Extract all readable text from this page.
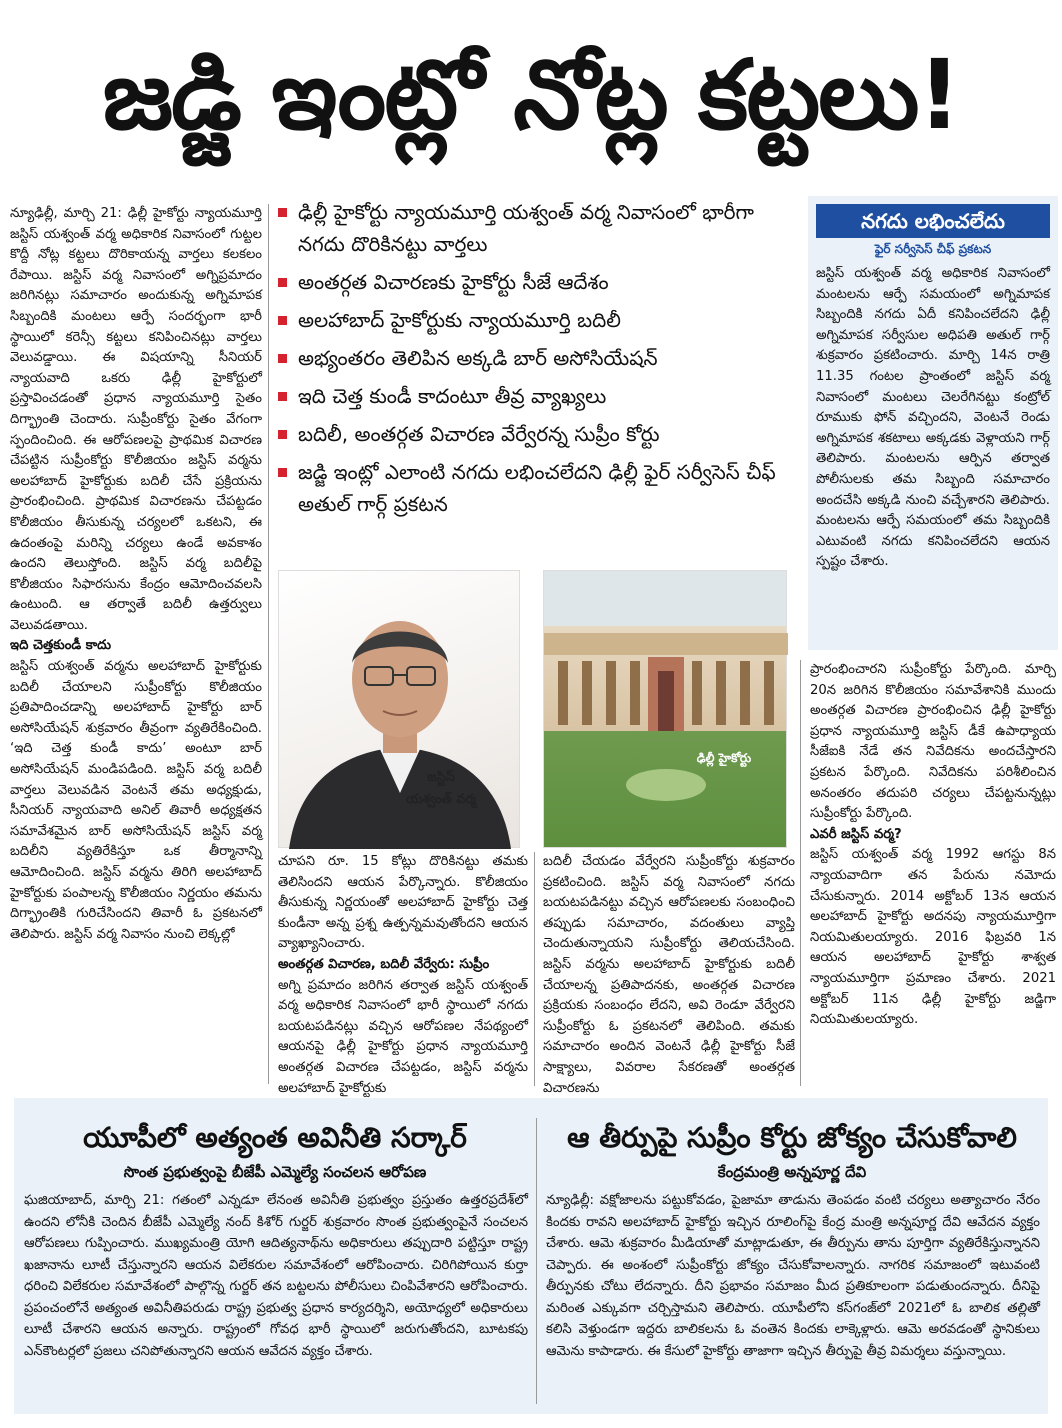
జడ్జి ఇంట్లో నోట్ల కట్టలు!
న్యూఢిల్లీ, మార్చి 21: ఢిల్లీ హైకోర్టు న్యాయమూర్తి జస్టిస్ యశ్వంత్ వర్మ అధికారిక నివాసంలో గుట్టల కొద్దీ నోట్ల కట్టలు దొరికాయన్న వార్తలు కలకలం రేపాయి. జస్టిస్ వర్మ నివాసంలో అగ్నిప్రమాదం జరిగినట్లు సమాచారం అందుకున్న అగ్నిమాపక సిబ్బందికి మంటలు ఆర్పే సందర్భంగా భారీ స్థాయిలో కరెన్సీ కట్టలు కనిపించినట్లు వార్తలు వెలువడ్డాయి. ఈ విషయాన్ని సీనియర్ న్యాయవాది ఒకరు ఢిల్లీ హైకోర్టులో ప్రస్తావించడంతో ప్రధాన న్యాయమూర్తి సైతం దిగ్భ్రాంతి చెందారు. సుప్రీంకోర్టు సైతం వేగంగా స్పందించింది. ఈ ఆరోపణలపై ప్రాథమిక విచారణ చేపట్టిన సుప్రీంకోర్టు కొలీజియం జస్టిస్ వర్మను అలహాబాద్ హైకోర్టుకు బదిలీ చేసే ప్రక్రియను ప్రారంభించింది. ప్రాథమిక విచారణను చేపట్టడం కొలీజియం తీసుకున్న చర్యలలో ఒకటని, ఈ ఉదంతంపై మరిన్ని చర్యలు ఉండే అవకాశం ఉందని తెలుస్తోంది. జస్టిస్ వర్మ బదిలీపై కొలీజియం సిఫారసును కేంద్రం ఆమోదించవలసి ఉంటుంది. ఆ తర్వాతే బదిలీ ఉత్తర్వులు వెలువడతాయి.
ఇది చెత్తకుండీ కాదు
జస్టిస్ యశ్వంత్ వర్మను అలహాబాద్ హైకోర్టుకు బదిలీ చేయాలని సుప్రీంకోర్టు కొలీజియం ప్రతిపాదించడాన్ని అలహాబాద్ హైకోర్టు బార్ అసోసియేషన్ శుక్రవారం తీవ్రంగా వ్యతిరేకించింది. ‘ఇది చెత్త కుండీ కాదు’ అంటూ బార్ అసోసియేషన్ మండిపడింది. జస్టిస్ వర్మ బదిలీ వార్తలు వెలువడిన వెంటనే తమ అధ్యక్షుడు, సీనియర్ న్యాయవాది అనిల్ తివారీ అధ్యక్షతన సమావేశమైన బార్ అసోసియేషన్ జస్టిస్ వర్మ బదిలీని వ్యతిరేకిస్తూ ఒక తీర్మానాన్ని ఆమోదించింది. జస్టిస్ వర్మను తిరిగి అలహాబాద్ హైకోర్టుకు పంపాలన్న కొలీజియం నిర్ణయం తమను దిగ్భ్రాంతికి గురిచేసిందని తివారీ ఓ ప్రకటనలో తెలిపారు. జస్టిస్ వర్మ నివాసం నుంచి లెక్కల్లో
ఢిల్లీ హైకోర్టు న్యాయమూర్తి యశ్వంత్ వర్మ నివాసంలో భారీగా నగదు దొరికినట్టు వార్తలు
అంతర్గత విచారణకు హైకోర్టు సీజే ఆదేశం
అలహాబాద్ హైకోర్టుకు న్యాయమూర్తి బదిలీ
అభ్యంతరం తెలిపిన అక్కడి బార్ అసోసియేషన్
ఇది చెత్త కుండీ కాదంటూ తీవ్ర వ్యాఖ్యలు
బదిలీ, అంతర్గత విచారణ వేర్వేరన్న సుప్రీం కోర్టు
జడ్జి ఇంట్లో ఎలాంటి నగదు లభించలేదని ఢిల్లీ ఫైర్ సర్వీసెస్ చీఫ్ అతుల్ గార్గ్ ప్రకటన
జస్టిస్
యశ్వంత్ వర్మ
ఢిల్లీ హైకోర్టు
చూపని రూ. 15 కోట్లు దొరికినట్టు తమకు తెలిసిందని ఆయన పేర్కొన్నారు. కొలీజియం తీసుకున్న నిర్ణయంతో అలహాబాద్ హైకోర్టు చెత్త కుండీనా అన్న ప్రశ్న ఉత్పన్నమవుతోందని ఆయన వ్యాఖ్యానించారు.
అంతర్గత విచారణ, బదిలీ వేర్వేరు: సుప్రీం
అగ్ని ప్రమాదం జరిగిన తర్వాత జస్టిస్ యశ్వంత్ వర్మ అధికారిక నివాసంలో భారీ స్థాయిలో నగదు బయటపడినట్లు వచ్చిన ఆరోపణల నేపథ్యంలో ఆయనపై ఢిల్లీ హైకోర్టు ప్రధాన న్యాయమూర్తి అంతర్గత విచారణ చేపట్టడం, జస్టిస్ వర్మను అలహాబాద్ హైకోర్టుకు
బదిలీ చేయడం వేర్వేరని సుప్రీంకోర్టు శుక్రవారం ప్రకటించింది. జస్టిస్ వర్మ నివాసంలో నగదు బయటపడినట్టు వచ్చిన ఆరోపణలకు సంబంధించి తప్పుడు సమాచారం, వదంతులు వ్యాప్తి చెందుతున్నాయని సుప్రీంకోర్టు తెలియచేసింది. జస్టిస్ వర్మను అలహాబాద్ హైకోర్టుకు బదిలీ చేయాలన్న ప్రతిపాదనకు, అంతర్గత విచారణ ప్రక్రియకు సంబంధం లేదని, అవి రెండూ వేర్వేరని సుప్రీంకోర్టు ఓ ప్రకటనలో తెలిపింది. తమకు సమాచారం అందిన వెంటనే ఢిల్లీ హైకోర్టు సీజే సాక్ష్యాలు, వివరాల సేకరణతో అంతర్గత విచారణను
నగదు లభించలేదు
ఫైర్ సర్వీసెస్ చీఫ్ ప్రకటన
జస్టిస్ యశ్వంత్ వర్మ అధికారిక నివాసంలో మంటలను ఆర్పే సమయంలో అగ్నిమాపక సిబ్బందికి నగదు ఏదీ కనిపించలేదని ఢిల్లీ అగ్నిమాపక సర్వీసుల అధిపతి అతుల్ గార్గ్ శుక్రవారం ప్రకటించారు. మార్చి 14న రాత్రి 11.35 గంటల ప్రాంతంలో జస్టిస్ వర్మ నివాసంలో మంటలు చెలరేగినట్టు కంట్రోల్ రూముకు ఫోన్ వచ్చిందని, వెంటనే రెండు అగ్నిమాపక శకటాలు అక్కడకు వెళ్లాయని గార్గ్ తెలిపారు. మంటలను ఆర్పిన తర్వాత పోలీసులకు తమ సిబ్బంది సమాచారం అందచేసి అక్కడి నుంచి వచ్చేశారని తెలిపారు. మంటలను ఆర్పే సమయంలో తమ సిబ్బందికి ఎటువంటి నగదు కనిపించలేదని ఆయన స్పష్టం చేశారు.
ప్రారంభించారని సుప్రీంకోర్టు పేర్కొంది. మార్చి 20న జరిగిన కొలీజియం సమావేశానికి ముందు అంతర్గత విచారణ ప్రారంభించిన ఢిల్లీ హైకోర్టు ప్రధాన న్యాయమూర్తి జస్టిస్ డీకే ఉపాధ్యాయ సీజేఐకి నేడే తన నివేదికను అందచేస్తారని ప్రకటన పేర్కొంది. నివేదికను పరిశీలించిన అనంతరం తదుపరి చర్యలు చేపట్టనున్నట్లు సుప్రీంకోర్టు పేర్కొంది.
ఎవరీ జస్టిస్ వర్మ?
జస్టిస్ యశ్వంత్ వర్మ 1992 ఆగస్టు 8న న్యాయవాదిగా తన పేరును నమోదు చేసుకున్నారు. 2014 అక్టోబర్ 13న ఆయన అలహాబాద్ హైకోర్టు అదనపు న్యాయమూర్తిగా నియమితులయ్యారు. 2016 ఫిబ్రవరి 1న ఆయన అలహాబాద్ హైకోర్టు శాశ్వత న్యాయమూర్తిగా ప్రమాణం చేశారు. 2021 అక్టోబర్ 11న ఢిల్లీ హైకోర్టు జడ్జిగా నియమితులయ్యారు.
యూపీలో అత్యంత అవినీతి సర్కార్
సొంత ప్రభుత్వంపై బీజేపీ ఎమ్మెల్యే సంచలన ఆరోపణ
ఘజియాబాద్, మార్చి 21: గతంలో ఎన్నడూ లేనంత అవినీతి ప్రభుత్వం ప్రస్తుతం ఉత్తరప్రదేశ్‌లో ఉందని లోనీకి చెందిన బీజేపీ ఎమ్మెల్యే నంద్ కిశోర్ గుర్జర్ శుక్రవారం సొంత ప్రభుత్వంపైనే సంచలన ఆరోపణలు గుప్పించారు. ముఖ్యమంత్రి యోగి ఆదిత్యనాథ్‌ను అధికారులు తప్పుదారి పట్టిస్తూ రాష్ట్ర ఖజానాను లూటీ చేస్తున్నారని ఆయన విలేకరుల సమావేశంలో ఆరోపించారు. చిరిగిపోయిన కుర్తా ధరించి విలేకరుల సమావేశంలో పాల్గొన్న గుర్జర్ తన బట్టలను పోలీసులు చింపివేశారని ఆరోపించారు. ప్రపంచంలోనే అత్యంత అవినీతిపరుడు రాష్ట్ర ప్రభుత్వ ప్రధాన కార్యదర్శిని, అయోధ్యలో అధికారులు లూటీ చేశారని ఆయన అన్నారు. రాష్ట్రంలో గోవధ భారీ స్థాయిలో జరుగుతోందని, బూటకపు ఎన్‌కౌంటర్లలో ప్రజలు చనిపోతున్నారని ఆయన ఆవేదన వ్యక్తం చేశారు.
ఆ తీర్పుపై సుప్రీం కోర్టు జోక్యం చేసుకోవాలి
కేంద్రమంత్రి అన్నపూర్ణ దేవి
న్యూఢిల్లీ: వక్షోజాలను పట్టుకోవడం, పైజామా తాడును తెంపడం వంటి చర్యలు అత్యాచారం నేరం కిందకు రావని అలహాబాద్ హైకోర్టు ఇచ్చిన రూలింగ్‌పై కేంద్ర మంత్రి అన్నపూర్ణ దేవి ఆవేదన వ్యక్తం చేశారు. ఆమె శుక్రవారం మీడియాతో మాట్లాడుతూ, ఈ తీర్పును తాను పూర్తిగా వ్యతిరేకిస్తున్నానని చెప్పారు. ఈ అంశంలో సుప్రీంకోర్టు జోక్యం చేసుకోవాలన్నారు. నాగరిక సమాజంలో ఇటువంటి తీర్పునకు చోటు లేదన్నారు. దీని ప్రభావం సమాజం మీద ప్రతికూలంగా పడుతుందన్నారు. దీనిపై మరింత ఎక్కువగా చర్చిస్తామని తెలిపారు. యూపీలోని కస్‌గంజ్‌లో 2021లో ఓ బాలిక తల్లితో కలిసి వెళ్తుండగా ఇద్దరు బాలికలను ఓ వంతెన కిందకు లాక్కెళ్లారు. ఆమె అరవడంతో స్థానికులు ఆమెను కాపాడారు. ఈ కేసులో హైకోర్టు తాజాగా ఇచ్చిన తీర్పుపై తీవ్ర విమర్శలు వస్తున్నాయి.
